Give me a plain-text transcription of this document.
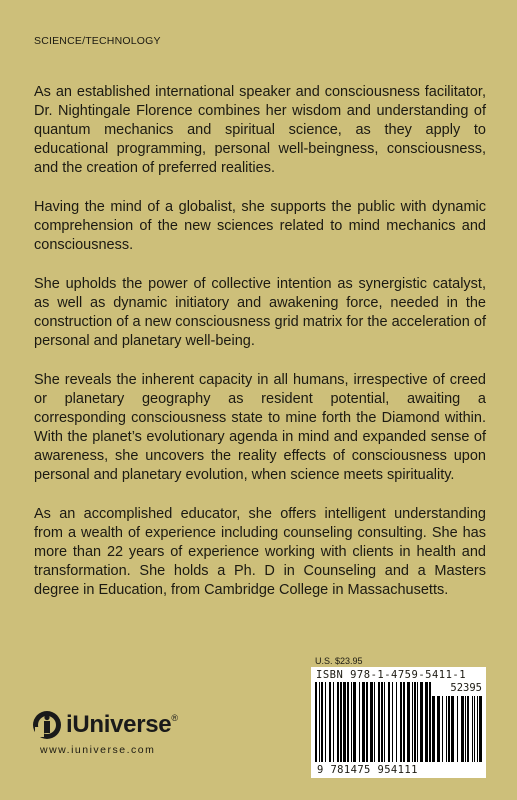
SCIENCE/TECHNOLOGY

As an established international speaker and consciousness facilitator, Dr. Nightingale Florence combines her wisdom and understanding of quantum mechanics and spiritual science, as they apply to educational programming, personal well-beingness, consciousness, and the creation of preferred realities.

Having the mind of a globalist, she supports the public with dynamic comprehension of the new sciences related to mind mechanics and consciousness.

She upholds the power of collective intention as synergistic catalyst, as well as dynamic initiatory and awakening force, needed in the construction of a new consciousness grid matrix for the acceleration of personal and planetary well-being.

She reveals the inherent capacity in all humans, irrespective of creed or planetary geography as resident potential, awaiting a corresponding consciousness state to mine forth the Diamond within. With the planet’s evolutionary agenda in mind and expanded sense of awareness, she uncovers the reality effects of consciousness upon personal and planetary evolution, when science meets spirituality.

As an accomplished educator, she offers intelligent understanding from a wealth of experience including counseling consulting. She has more than 22 years of experience working with clients in health and transformation. She holds a Ph. D in Counseling and a Masters degree in Education, from Cambridge College in Massachusetts.

U.S. $23.95
ISBN 978-1-4759-5411-1
52395
9 781475 954111
iUniverse®
www.iuniverse.com
